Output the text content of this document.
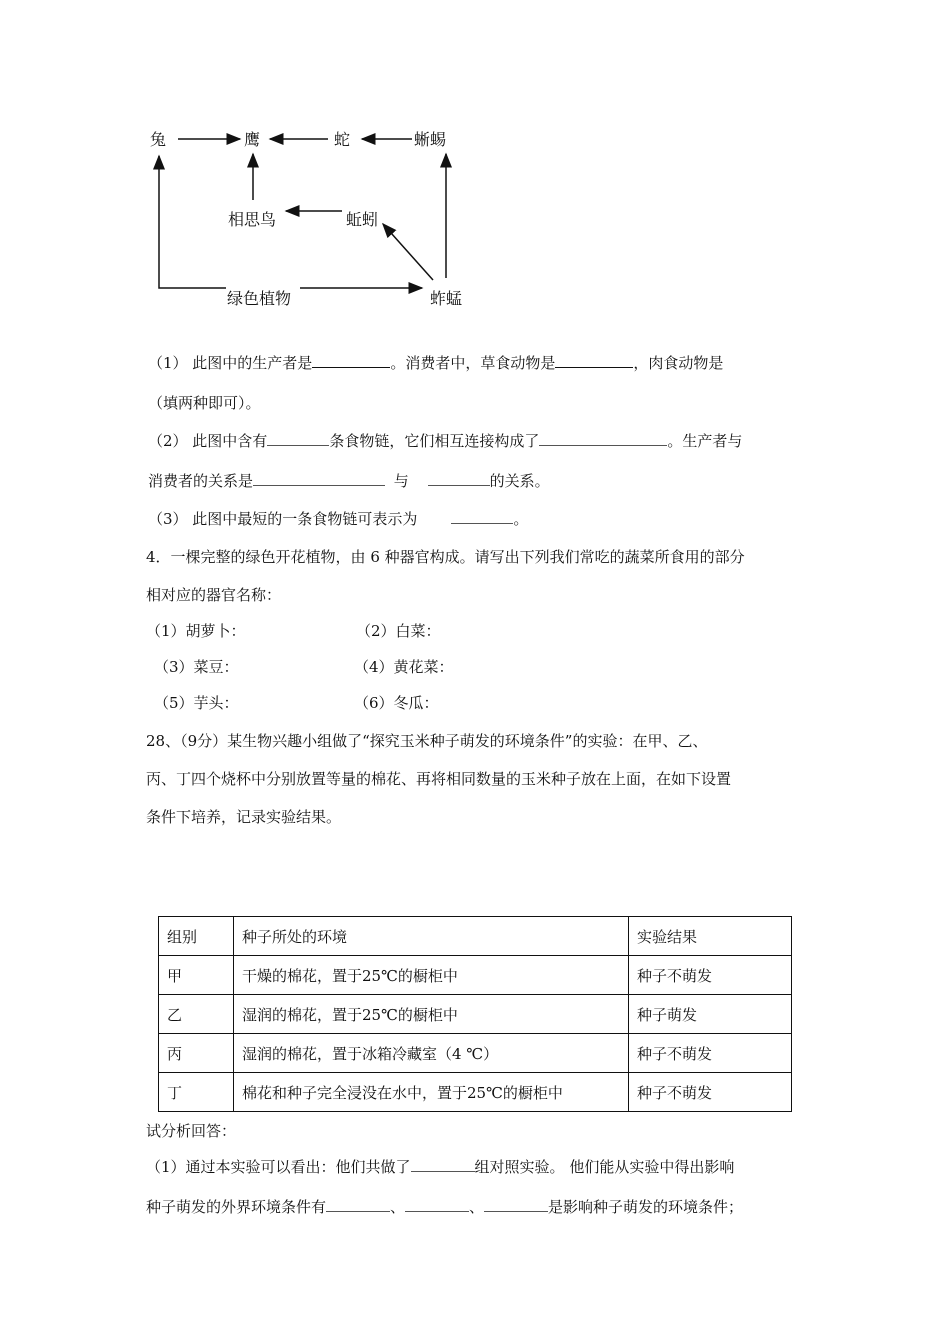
兔	鹰	蛇	蜥蜴
相思鸟	蚯蚓
绿色植物	蚱蜢
（1） 此图中的生产者是	。消费者中，草食动物是	，肉食动物是
（填两种即可）。
（2） 此图中含有	条食物链，它们相互连接构成了	。生产者与
消费者的关系是	与	的关系。
（3） 此图中最短的一条食物链可表示为	。
4．一棵完整的绿色开花植物，由 6 种器官构成。请写出下列我们常吃的蔬菜所食用的部分
相对应的器官名称：
（1）胡萝卜：	（2）白菜：
（3）菜豆：	（4）黄花菜：
（5）芋头：	（6）冬瓜：
28、（9分）某生物兴趣小组做了“探究玉米种子萌发的环境条件”的实验：在甲、乙、
丙、丁四个烧杯中分别放置等量的棉花、再将相同数量的玉米种子放在上面，在如下设置
条件下培养，记录实验结果。
组别	种子所处的环境	实验结果
甲	干燥的棉花，置于25℃的橱柜中	种子不萌发
乙	湿润的棉花，置于25℃的橱柜中	种子萌发
丙	湿润的棉花，置于冰箱冷藏室（4 ℃）	种子不萌发
丁	棉花和种子完全浸没在水中，置于25℃的橱柜中	种子不萌发
试分析回答：
（1）通过本实验可以看出：他们共做了	组对照实验。 他们能从实验中得出影响
种子萌发的外界环境条件有	、	、	是影响种子萌发的环境条件；
